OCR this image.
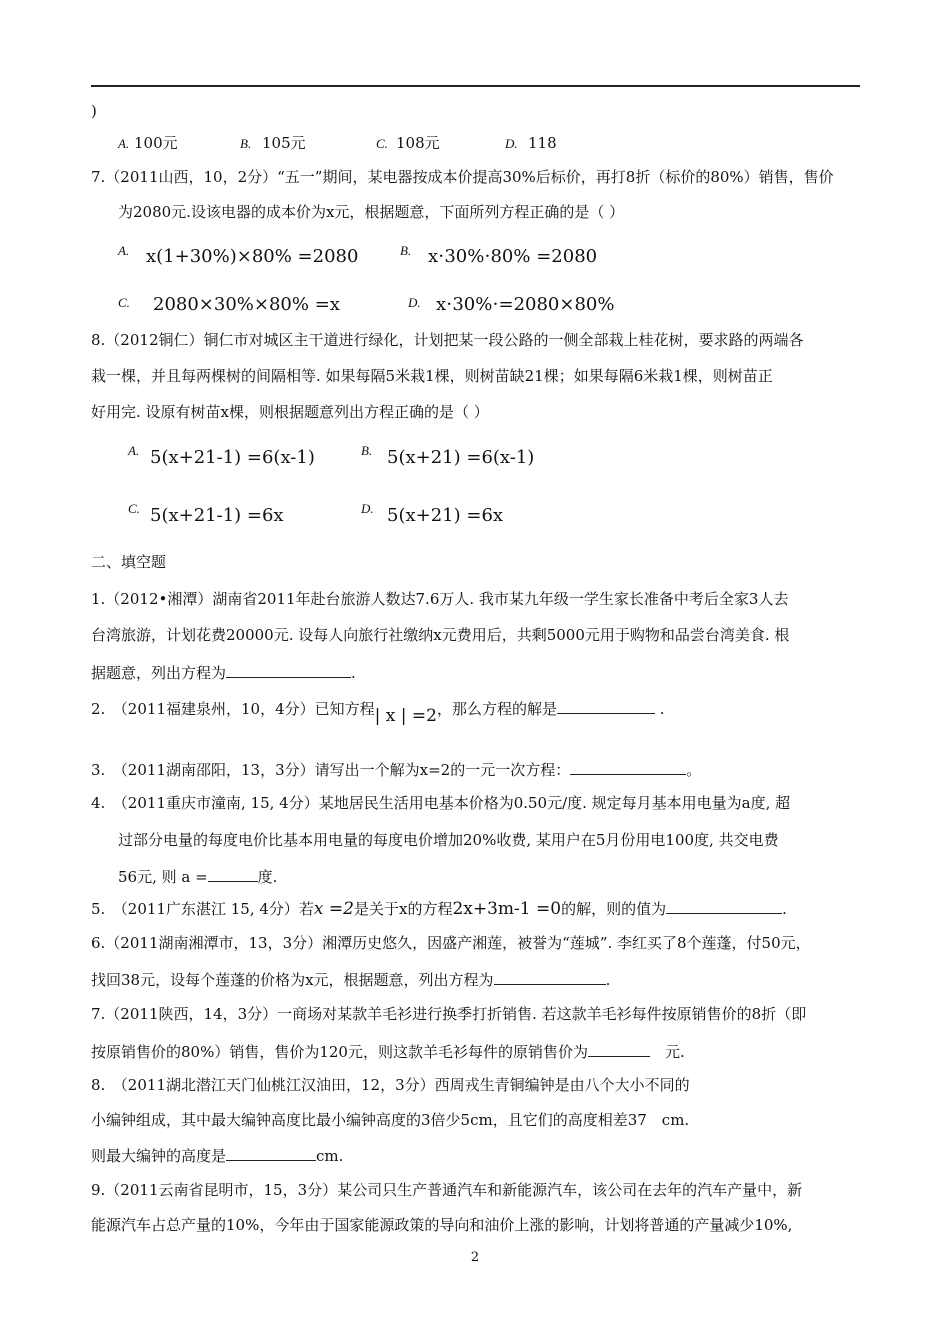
)
A. 100元	B. 105元	C. 108元	D. 118
7.（2011山西，10，2分）“五一”期间，某电器按成本价提高30%后标价，再打8折（标价的80%）销售，售价
为2080元.设该电器的成本价为x元，根据题意，下面所列方程正确的是（ ）
A. x(1+30%)×80% =2080	B. x⋅30%⋅80% =2080
C. 2080×30%×80% =x	D. x⋅30%⋅=2080×80%
8.（2012铜仁）铜仁市对城区主干道进行绿化，计划把某一段公路的一侧全部栽上桂花树，要求路的两端各
栽一棵，并且每两棵树的间隔相等. 如果每隔5米栽1棵，则树苗缺21棵；如果每隔6米栽1棵，则树苗正
好用完. 设原有树苗x棵，则根据题意列出方程正确的是（ ）
A. 5(x+21-1) =6(x-1)	B. 5(x+21) =6(x-1)
C. 5(x+21-1) =6x	D. 5(x+21) =6x
二、填空题
1.（2012•湘潭）湖南省2011年赴台旅游人数达7.6万人. 我市某九年级一学生家长准备中考后全家3人去
台湾旅游，计划花费20000元. 设每人向旅行社缴纳x元费用后，共剩5000元用于购物和品尝台湾美食. 根
据题意，列出方程为	.
2.　（2011福建泉州，10，4分）已知方程| x | =2，那么方程的解是	.
3.　（2011湖南邵阳，13，3分）请写出一个解为x=2的一元一次方程：	。
4.　（2011重庆市潼南, 15, 4分）某地居民生活用电基本价格为0.50元/度. 规定每月基本用电量为a度, 超
过部分电量的每度电价比基本用电量的每度电价增加20%收费, 某用户在5月份用电100度, 共交电费
56元, 则 a =	度.
5.　（2011广东湛江 15, 4分）若x =2是关于x的方程2x+3m-1 =0的解，则的值为	.
6.（2011湖南湘潭市，13，3分）湘潭历史悠久，因盛产湘莲，被誉为“莲城”. 李红买了8个莲蓬，付50元，
找回38元，设每个莲蓬的价格为x元，根据题意，列出方程为	.
7.（2011陕西，14，3分）一商场对某款羊毛衫进行换季打折销售. 若这款羊毛衫每件按原销售价的8折（即
按原销售价的80%）销售，售价为120元，则这款羊毛衫每件的原销售价为　	元.
8.　（2011湖北潜江天门仙桃江汉油田，12，3分）西周戎生青铜编钟是由八个大小不同的
小编钟组成，其中最大编钟高度比最小编钟高度的3倍少5cm，且它们的高度相差37　cm.
则最大编钟的高度是	cm.
9.（2011云南省昆明市，15，3分）某公司只生产普通汽车和新能源汽车，该公司在去年的汽车产量中，新
能源汽车占总产量的10%，今年由于国家能源政策的导向和油价上涨的影响，计划将普通的产量减少10%,
2
